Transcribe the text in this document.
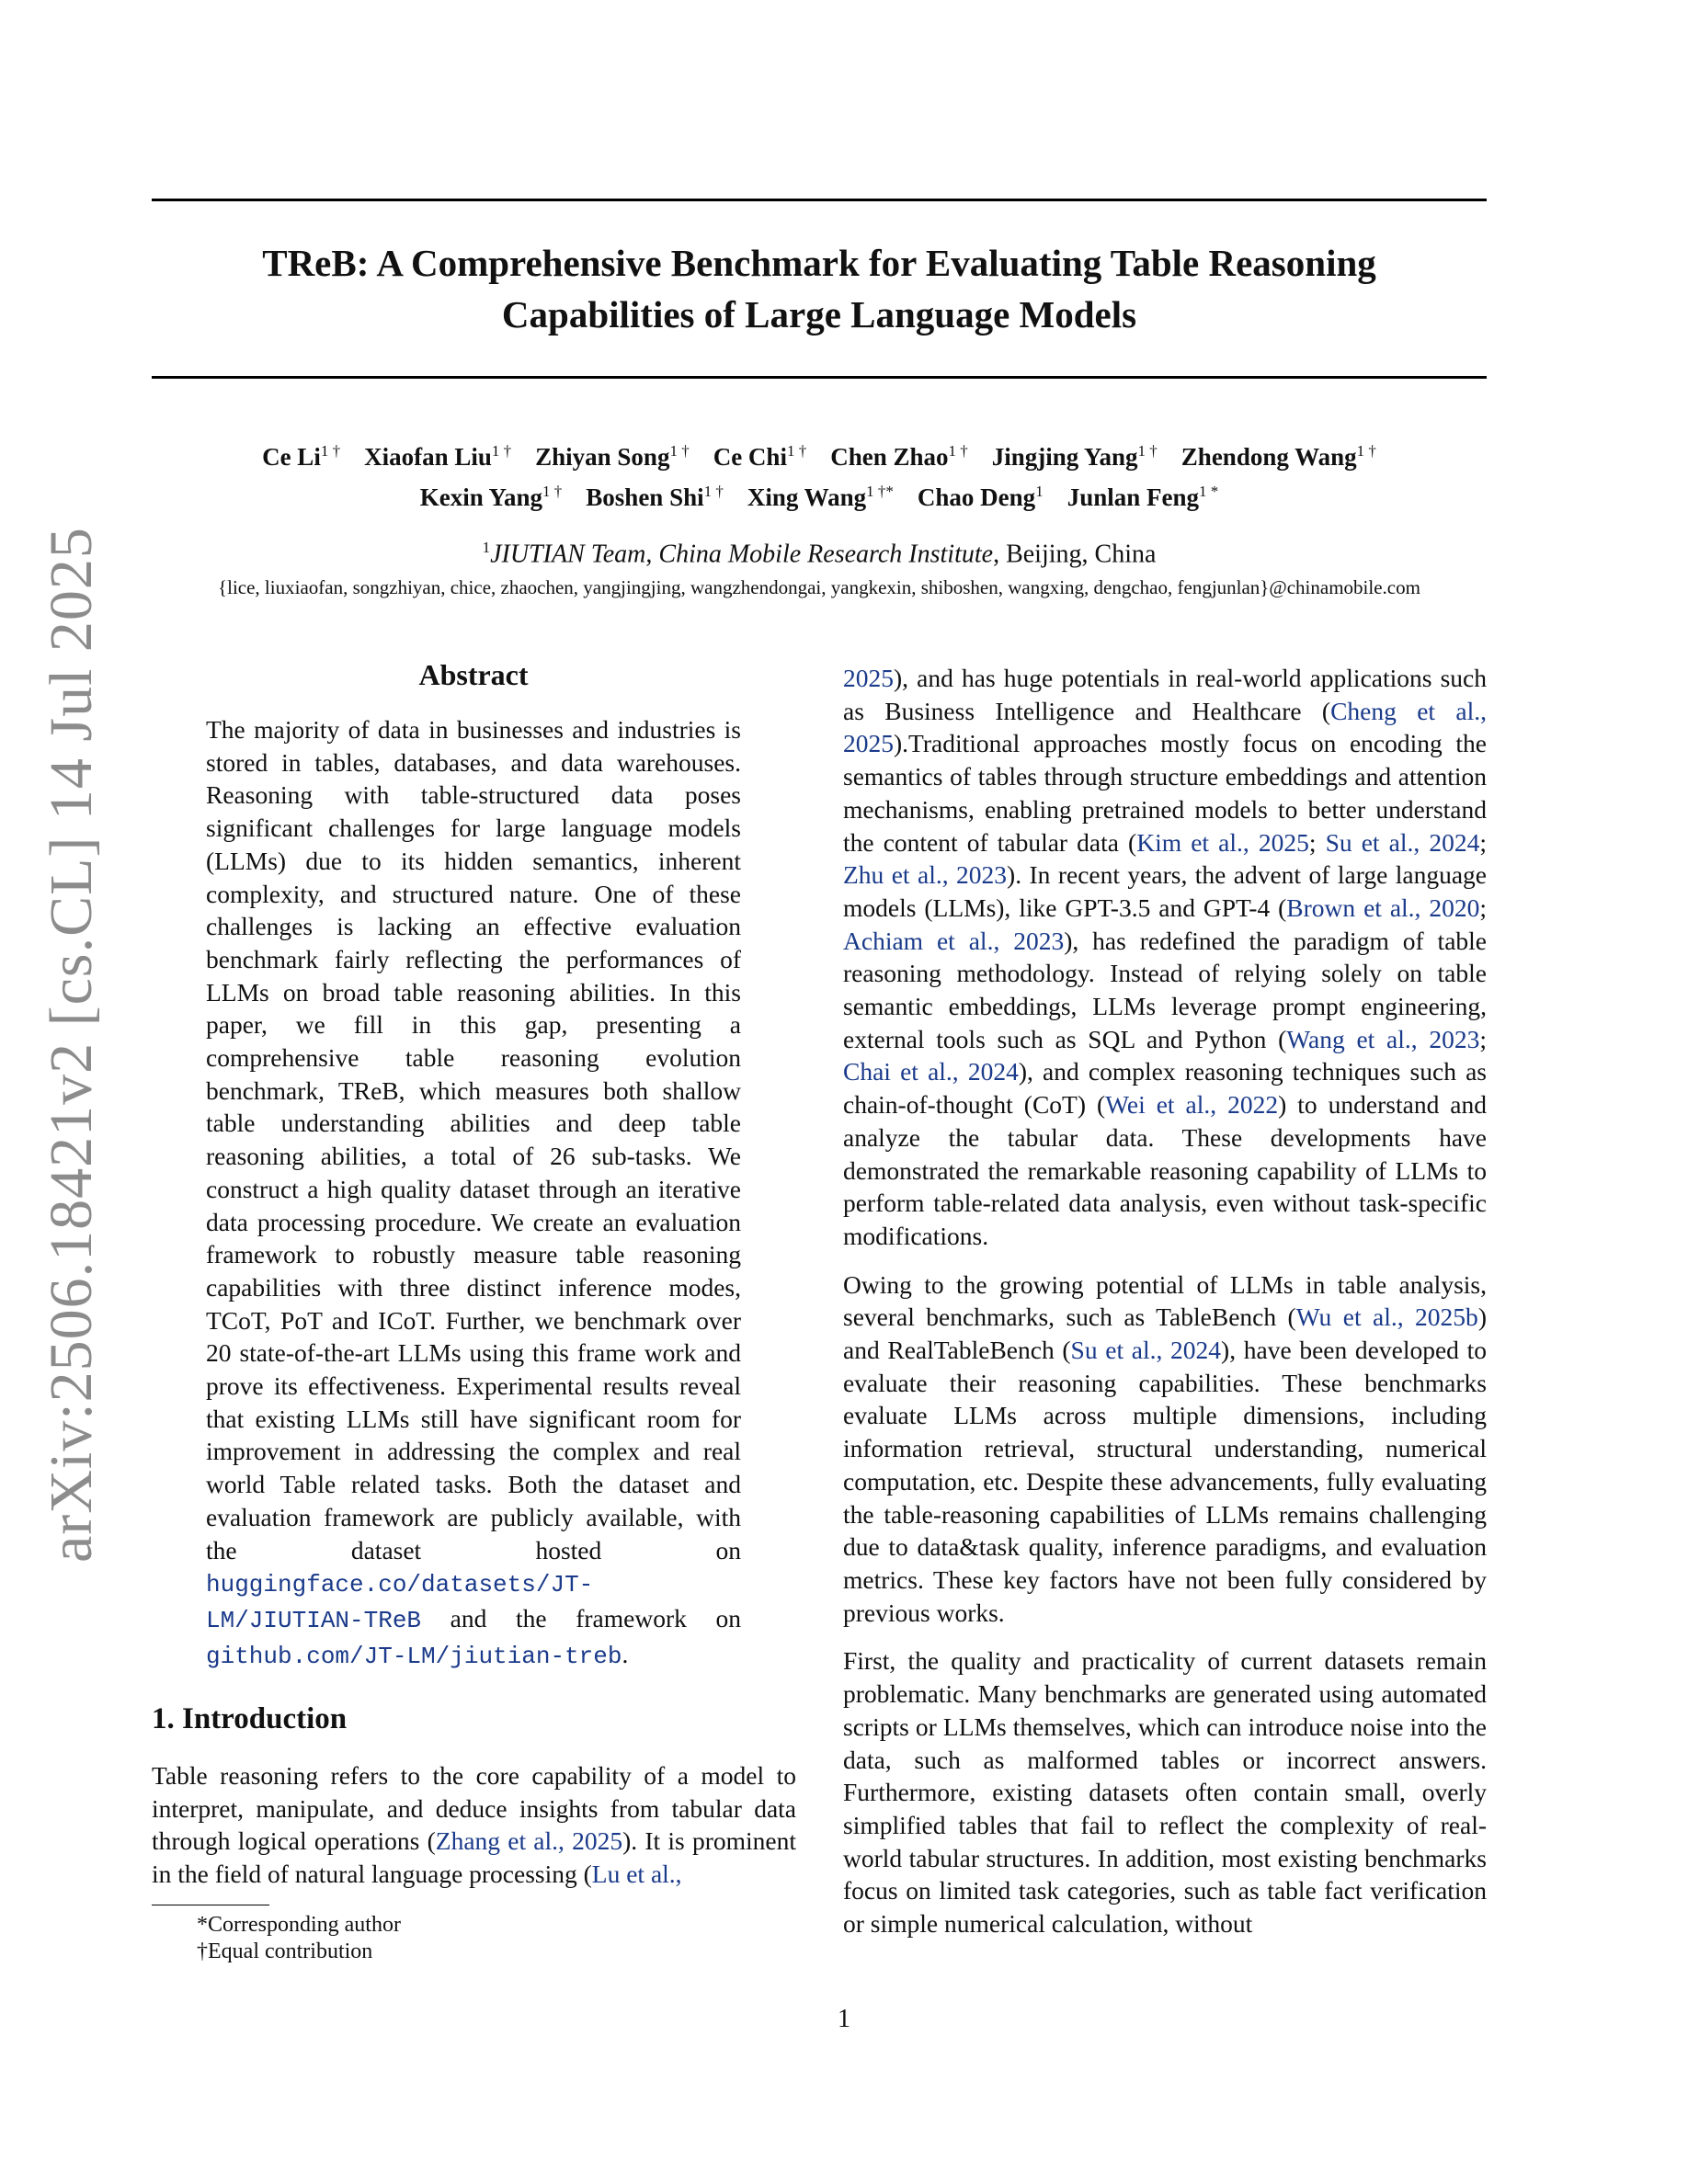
arXiv:2506.18421v2 [cs.CL] 14 Jul 2025
TReB: A Comprehensive Benchmark for Evaluating Table Reasoning
Capabilities of Large Language Models
Ce $Li^{1 \dagger}$ Xiaofan Liu$^{1 \dagger}$ Zhiyan Song$^{1 \dagger}$ Ce Chi$^{1 \dagger}$ Chen Zhao$^{1 \dagger}$ Jingjing Yang$^{1 \dagger}$ Zhendong Wang$^{1 \dagger}$
Kexin Yang$^{1 \dagger}$ Boshen Shi$^{1 \dagger}$ Xing Wang$^{1 \dagger*}$ Chao Deng$^1$ Junlan Feng$^{1 *}$
$^1$JIUTIAN Team, China Mobile Research Institute, Beijing, China
{lice, liuxiaofan, songzhiyan, chice, zhaochen, yangjingjing, wangzhendongai, yangkexin, shiboshen, wangxing, dengchao, fengjunlan}@chinamobile.com
Abstract

The majority of data in businesses and industries is stored in tables, databases, and data warehouses. Reasoning with table-structured data poses significant challenges for large language models (LLMs) due to its hidden semantics, inherent complexity, and structured nature. One of these challenges is lacking an effective evaluation benchmark fairly reflecting the performances of LLMs on broad table reasoning abilities. In this paper, we fill in this gap, presenting a comprehensive table reasoning evolution benchmark, TReB, which measures both shallow table understanding abilities and deep table reasoning abilities, a total of 26 sub-tasks. We construct a high quality dataset through an iterative data processing procedure. We create an evaluation framework to robustly measure table reasoning capabilities with three distinct inference modes, TCoT, PoT and ICoT. Further, we benchmark over 20 state-of-the-art LLMs using this frame work and prove its effectiveness. Experimental results reveal that existing LLMs still have significant room for improvement in addressing the complex and real world Table related tasks. Both the dataset and evaluation framework are publicly available, with the dataset hosted on huggingface.co/datasets/JT-LM/JIUTIAN-TReB and the framework on github.com/JT-LM/jiutian-treb.

1. Introduction

Table reasoning refers to the core capability of a model to interpret, manipulate, and deduce insights from tabular data through logical operations (Zhang et al., 2025). It is prominent in the field of natural language processing (Lu et al.,

*Corresponding author
†Equal contribution

2025), and has huge potentials in real-world applications such as Business Intelligence and Healthcare (Cheng et al., 2025).Traditional approaches mostly focus on encoding the semantics of tables through structure embeddings and attention mechanisms, enabling pretrained models to better understand the content of tabular data (Kim et al., 2025; Su et al., 2024; Zhu et al., 2023). In recent years, the advent of large language models (LLMs), like GPT-3.5 and GPT-4 (Brown et al., 2020; Achiam et al., 2023), has redefined the paradigm of table reasoning methodology. Instead of relying solely on table semantic embeddings, LLMs leverage prompt engineering, external tools such as SQL and Python (Wang et al., 2023; Chai et al., 2024), and complex reasoning techniques such as chain-of-thought (CoT) (Wei et al., 2022) to understand and analyze the tabular data. These developments have demonstrated the remarkable reasoning capability of LLMs to perform table-related data analysis, even without task-specific modifications.

Owing to the growing potential of LLMs in table analysis, several benchmarks, such as TableBench (Wu et al., 2025b) and RealTableBench (Su et al., 2024), have been developed to evaluate their reasoning capabilities. These benchmarks evaluate LLMs across multiple dimensions, including information retrieval, structural understanding, numerical computation, etc. Despite these advancements, fully evaluating the table-reasoning capabilities of LLMs remains challenging due to data&task quality, inference paradigms, and evaluation metrics. These key factors have not been fully considered by previous works.

First, the quality and practicality of current datasets remain problematic. Many benchmarks are generated using automated scripts or LLMs themselves, which can introduce noise into the data, such as malformed tables or incorrect answers. Furthermore, existing datasets often contain small, overly simplified tables that fail to reflect the complexity of real-world tabular structures. In addition, most existing benchmarks focus on limited task categories, such as table fact verification or simple numerical calculation, without

1
